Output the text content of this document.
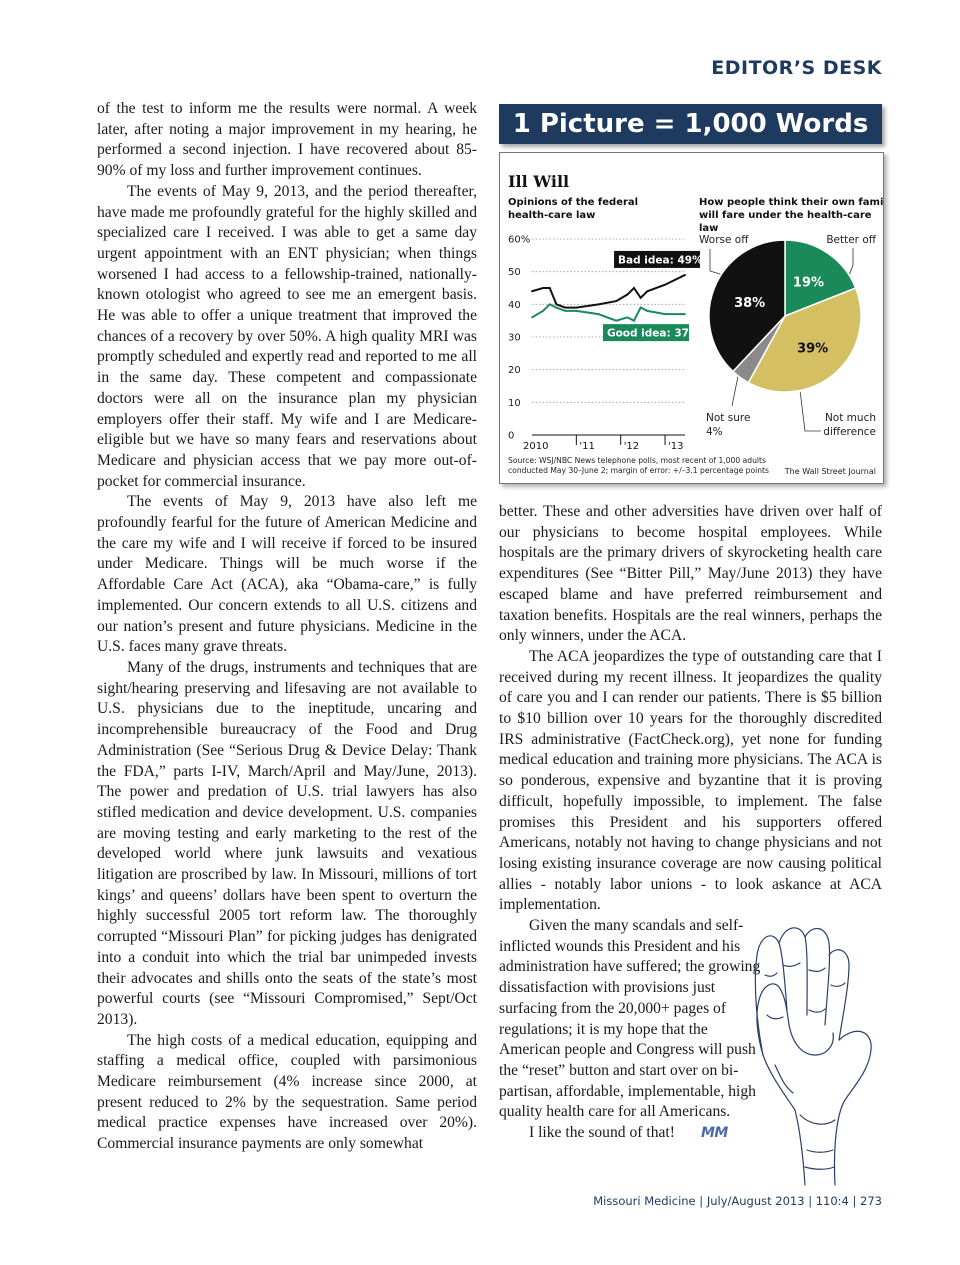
EDITOR’S DESK

of the test to inform me the results were normal. A week later, after noting a major improvement in my hearing, he performed a second injection. I have recovered about 85-90% of my loss and further improvement continues.

The events of May 9, 2013, and the period thereafter, have made me profoundly grateful for the highly skilled and specialized care I received. I was able to get a same day urgent appointment with an ENT physician; when things worsened I had access to a fellowship-trained, nationally-known otologist who agreed to see me an emergent basis. He was able to offer a unique treatment that improved the chances of a recovery by over 50%. A high quality MRI was promptly scheduled and expertly read and reported to me all in the same day. These competent and compassionate doctors were all on the insurance plan my physician employers offer their staff. My wife and I are Medicare-eligible but we have so many fears and reservations about Medicare and physician access that we pay more out-of-pocket for commercial insurance.

The events of May 9, 2013 have also left me profoundly fearful for the future of American Medicine and the care my wife and I will receive if forced to be insured under Medicare. Things will be much worse if the Affordable Care Act (ACA), aka “Obama-care,” is fully implemented. Our concern extends to all U.S. citizens and our nation’s present and future physicians. Medicine in the U.S. faces many grave threats.

Many of the drugs, instruments and techniques that are sight/hearing preserving and lifesaving are not available to U.S. physicians due to the ineptitude, uncaring and incomprehensible bureaucracy of the Food and Drug Administration (See “Serious Drug & Device Delay: Thank the FDA,” parts I-IV, March/April and May/June, 2013). The power and predation of U.S. trial lawyers has also stifled medication and device development. U.S. companies are moving testing and early marketing to the rest of the developed world where junk lawsuits and vexatious litigation are proscribed by law. In Missouri, millions of tort kings’ and queens’ dollars have been spent to overturn the highly successful 2005 tort reform law. The thoroughly corrupted “Missouri Plan” for picking judges has denigrated into a conduit into which the trial bar unimpeded invests their advocates and shills onto the seats of the state’s most powerful courts (see “Missouri Compromised,” Sept/Oct 2013).

The high costs of a medical education, equipping and staffing a medical office, coupled with parsimonious Medicare reimbursement (4% increase since 2000, at present reduced to 2% by the sequestration. Same period medical practice expenses have increased over 20%). Commercial insurance payments are only somewhat

1 Picture = 1,000 Words
Ill Will
Opinions of the federal
health-care law
How people think their own family
will fare under the health-care
law
0
10
20
30
40
50
60%
2010	'11	'12	'13
Bad idea: 49%
Good idea: 37%
19%
39%
38%
Better off
Worse off
Not sure
4%
Not much
difference
Source: WSJ/NBC News telephone polls, most recent of 1,000 adults
conducted May 30–June 2; margin of error: +/–3.1 percentage points The Wall Street Journal

better. These and other adversities have driven over half of our physicians to become hospital employees. While hospitals are the primary drivers of skyrocketing health care expenditures (See “Bitter Pill,” May/June 2013) they have escaped blame and have preferred reimbursement and taxation benefits. Hospitals are the real winners, perhaps the only winners, under the ACA.

The ACA jeopardizes the type of outstanding care that I received during my recent illness. It jeopardizes the quality of care you and I can render our patients. There is $5 billion to $10 billion over 10 years for the thoroughly discredited IRS administrative (FactCheck.org), yet none for funding medical education and training more physicians. The ACA is so ponderous, expensive and byzantine that it is proving difficult, hopefully impossible, to implement. The false promises this President and his supporters offered Americans, notably not having to change physicians and not losing existing insurance coverage are now causing political allies - notably labor unions - to look askance at ACA implementation.

Given the many scandals and self-inflicted wounds this President and his administration have suffered; the growing dissatisfaction with provisions just surfacing from the 20,000+ pages of regulations; it is my hope that the American people and Congress will push the “reset” button and start over on bi-partisan, affordable, implementable, high quality health care for all Americans.

I like the sound of that! MM

Missouri Medicine | July/August 2013 | 110:4 | 273
